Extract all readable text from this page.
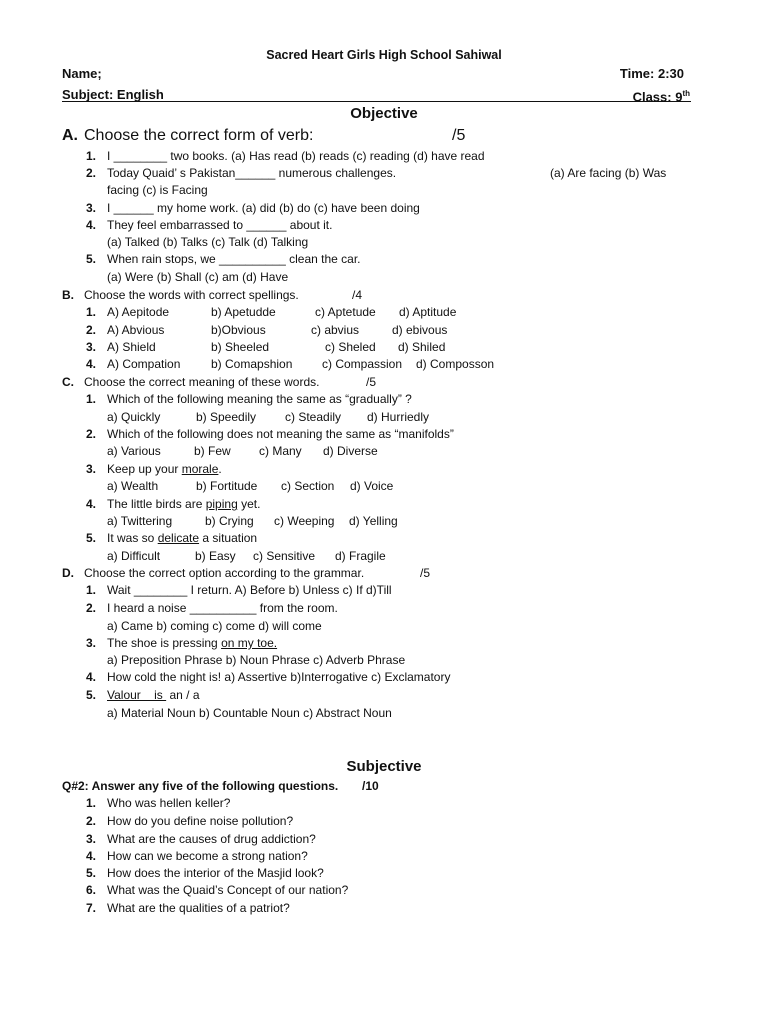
Sacred Heart Girls High School Sahiwal
Name;	Time: 2:30
Subject: English	Class: 9th
Objective
A. Choose the correct form of verb:	/5
1. I ________ two books. (a) Has read (b) reads (c) reading (d) have read
2. Today Quaid’ s Pakistan______ numerous challenges.	(a) Are facing (b) Was
facing (c) is Facing
3. I ______ my home work. (a) did (b) do (c) have been doing
4. They feel embarrassed to ______ about it.
(a) Talked (b) Talks (c) Talk (d) Talking
5. When rain stops, we __________ clean the car.
(a) Were (b) Shall (c) am (d) Have
B. Choose the words with correct spellings.	/4
1. A) Aepitode	b) Apetudde	c) Aptetude d) Aptitude
2. A) Abvious	b)Obvious	c) abvius	d) ebivous
3. A) Shield	b) Sheeled	c) Sheled d) Shiled
4. A) Compation	b) Comapshion c) Compassion d) Composson
C. Choose the correct meaning of these words.	/5
1. Which of the following meaning the same as “gradually” ?
a) Quickly	b) Speedily c) Steadily d) Hurriedly
2. Which of the following does not meaning the same as “manifolds”
a) Various	b) Few c) Many d) Diverse
3. Keep up your morale.
a) Wealth	b) Fortitude c) Section d) Voice
4. The little birds are piping yet.
a) Twittering	b) Crying c) Weeping d) Yelling
5. It was so delicate a situation
a) Difficult	b) Easy c) Sensitive d) Fragile
D. Choose the correct option according to the grammar.	/5
1. Wait ________ I return. A) Before b) Unless c) If d)Till
2. I heard a noise __________ from the room.
a) Came b) coming c) come d) will come
3. The shoe is pressing on my toe.
a) Preposition Phrase b) Noun Phrase c) Adverb Phrase
4. How cold the night is! a) Assertive b)Interrogative c) Exclamatory
5. Valour    is  an / a
a) Material Noun b) Countable Noun c) Abstract Noun
Subjective
Q#2: Answer any five of the following questions. /10
1. Who was hellen keller?
2. How do you define noise pollution?
3. What are the causes of drug addiction?
4. How can we become a strong nation?
5. How does the interior of the Masjid look?
6. What was the Quaid’s Concept of our nation?
7. What are the qualities of a patriot?
